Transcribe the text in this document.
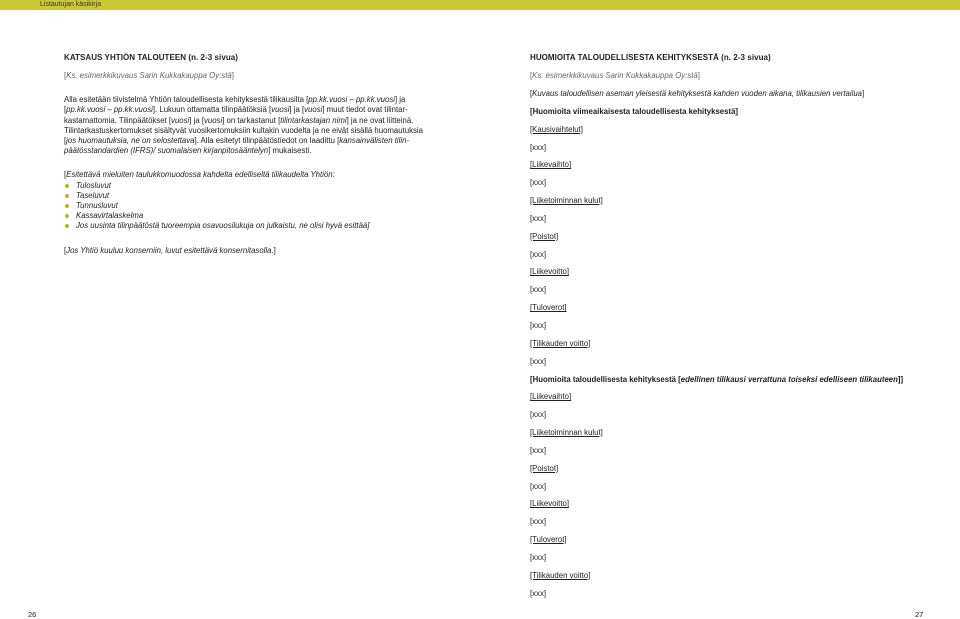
Listautujan käsikirja
KATSAUS YHTIÖN TALOUTEEN (n. 2-3 sivua)

[Ks. esimerkkikuvaus Sarin Kukkakauppa Oy:stä]

Alla esitetään tiivistelmä Yhtiön taloudellisesta kehityksestä tilikausilta [pp.kk.vuosi – pp.kk.vuosi] ja [pp.kk.vuosi – pp.kk.vuosi]. Lukuun ottamatta tilinpäätöksiä [vuosi] ja [vuosi] muut tiedot ovat tilintar-kastamattomia. Tilinpäätökset [vuosi] ja [vuosi] on tarkastanut [tilintarkastajan nimi] ja ne ovat liitteinä. Tilintarkastuskertomukset sisältyvät vuosikertomuksiin kultakin vuodelta ja ne eivät sisällä huomautuksia [jos huomautuksia, ne on selostettava]. Alla esitetyt tilinpäätöstiedot on laadittu [kansainvälisten tilin-päätösstandardien (IFRS)/ suomalaisen kirjanpitosääntelyn] mukaisesti.

[Esitettävä mieluiten taulukkomuodossa kahdelta edelliseltä tilikaudelta Yhtiön:

Tulosluvut
Taseluvut
Tunnusluvut
Kassavirtalaskelma
Jos uusinta tilinpäätöstä tuoreempia osavuosilukuja on julkaistu, ne olisi hyvä esittää]

[Jos Yhtiö kuuluu konserniin, luvut esitettävä konsernitasolla.]

HUOMIOITA TALOUDELLISESTA KEHITYKSESTÄ (n. 2-3 sivua)

[Ks. esimerkkikuvaus Sarin Kukkakauppa Oy:stä]

[Kuvaus taloudellisen aseman yleisestä kehityksestä kahden vuoden aikana, tilikausien vertailua]

[Huomioita viimeaikaisesta taloudellisesta kehityksestä]

[Kausivaihtelut]

[xxx]

[Liikevaihto]

[xxx]

[Liiketoiminnan kulut]

[xxx]

[Poistot]

[xxx]

[Liikevoitto]

[xxx]

[Tuloverot]

[xxx]

[Tilikauden voitto]

[xxx]

[Huomioita taloudellisesta kehityksestä [edellinen tilikausi verrattuna toiseksi edelliseen tilikauteen]]

[Liikevaihto]

[xxx]

[Liiketoiminnan kulut]

[xxx]

[Poistot]

[xxx]

[Liikevoitto]

[xxx]

[Tuloverot]

[xxx]

[Tilikauden voitto]

[xxx]

26	27
